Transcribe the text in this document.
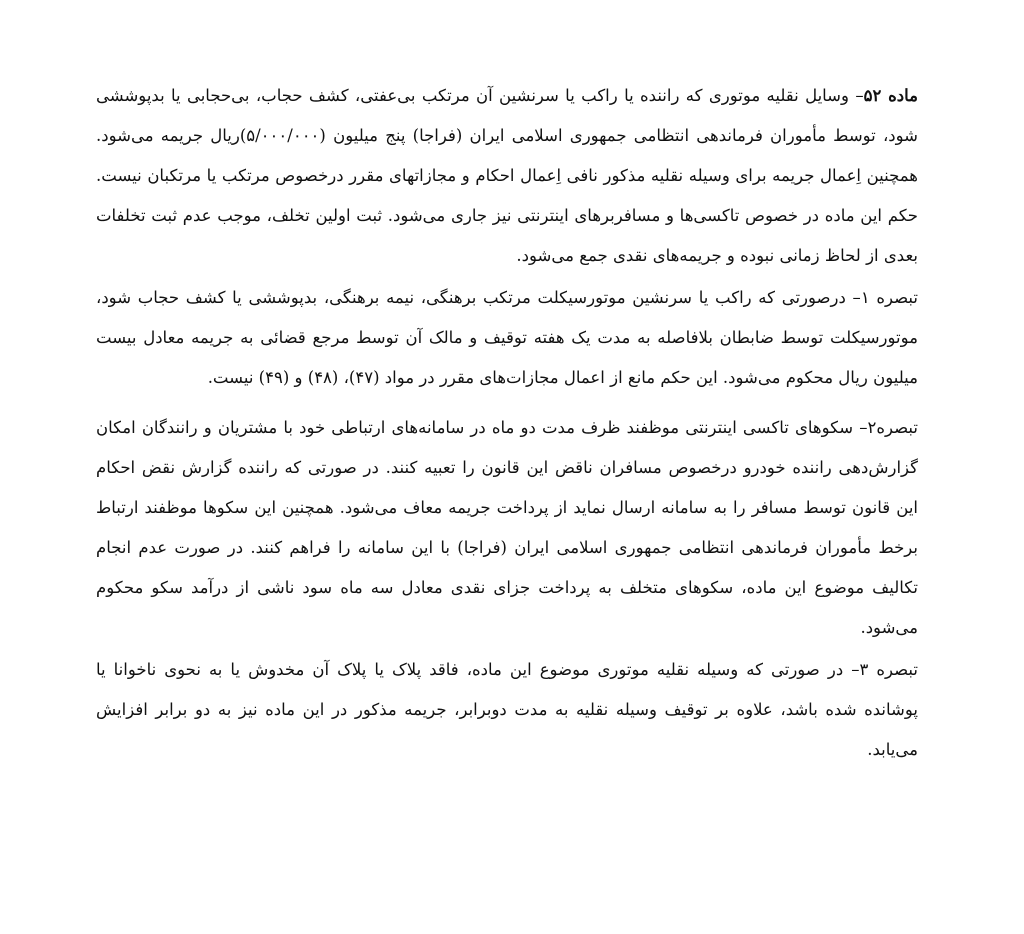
ماده ۵۲– وسایل نقلیه موتوری که راننده یا راکب یا سرنشین آن مرتکب بی‌عفتی، کشف حجاب، بی‌حجابی یا بدپوششی شود، توسط مأموران فرماندهی انتظامی جمهوری اسلامی ایران (فراجا) پنج میلیون (۵/۰۰۰/۰۰۰)ریال جریمه می‌شود. همچنین اِعمال جریمه برای وسیله نقلیه مذکور نافی اِعمال احکام و مجازاتهای مقرر درخصوص مرتکب یا مرتکبان نیست. حکم این ماده در خصوص تاکسی‌ها و مسافربرهای اینترنتی نیز جاری می‌شود. ثبت اولین تخلف، موجب عدم ثبت تخلفات بعدی از لحاظ زمانی نبوده و جریمه‌های نقدی جمع می‌شود.

تبصره ۱– درصورتی که راکب یا سرنشین موتورسیکلت مرتکب برهنگی، نیمه برهنگی، بدپوششی یا کشف حجاب شود، موتورسیکلت توسط ضابطان بلافاصله به مدت یک هفته توقیف و مالک آن توسط مرجع قضائی به جریمه معادل بیست میلیون ریال محکوم می‌شود. این حکم مانع از اعمال مجازات‌های مقرر در مواد (۴۷)، (۴۸) و (۴۹) نیست.

تبصره۲– سکوهای تاکسی اینترنتی موظفند ظرف مدت دو ماه در سامانه‌های ارتباطی خود با مشتریان و رانندگان امکان گزارش‌دهی راننده خودرو درخصوص مسافران ناقض این قانون را تعبیه کنند. در صورتی که راننده گزارش نقض احکام این قانون توسط مسافر را به سامانه ارسال نماید از پرداخت جریمه معاف می‌شود. همچنین این سکوها موظفند ارتباط برخط مأموران فرماندهی انتظامی جمهوری اسلامی ایران (فراجا) با این سامانه را فراهم کنند. در صورت عدم انجام تکالیف موضوع این ماده، سکوهای متخلف به پرداخت جزای نقدی معادل سه ماه سود ناشی از درآمد سکو محکوم می‌شود.

تبصره ۳– در صورتی که وسیله نقلیه موتوری موضوع این ماده، فاقد پلاک یا پلاک آن مخدوش یا به نحوی ناخوانا یا پوشانده شده باشد، علاوه بر توقیف وسیله نقلیه به مدت دوبرابر، جریمه مذکور در این ماده نیز به دو برابر افزایش می‌یابد.
